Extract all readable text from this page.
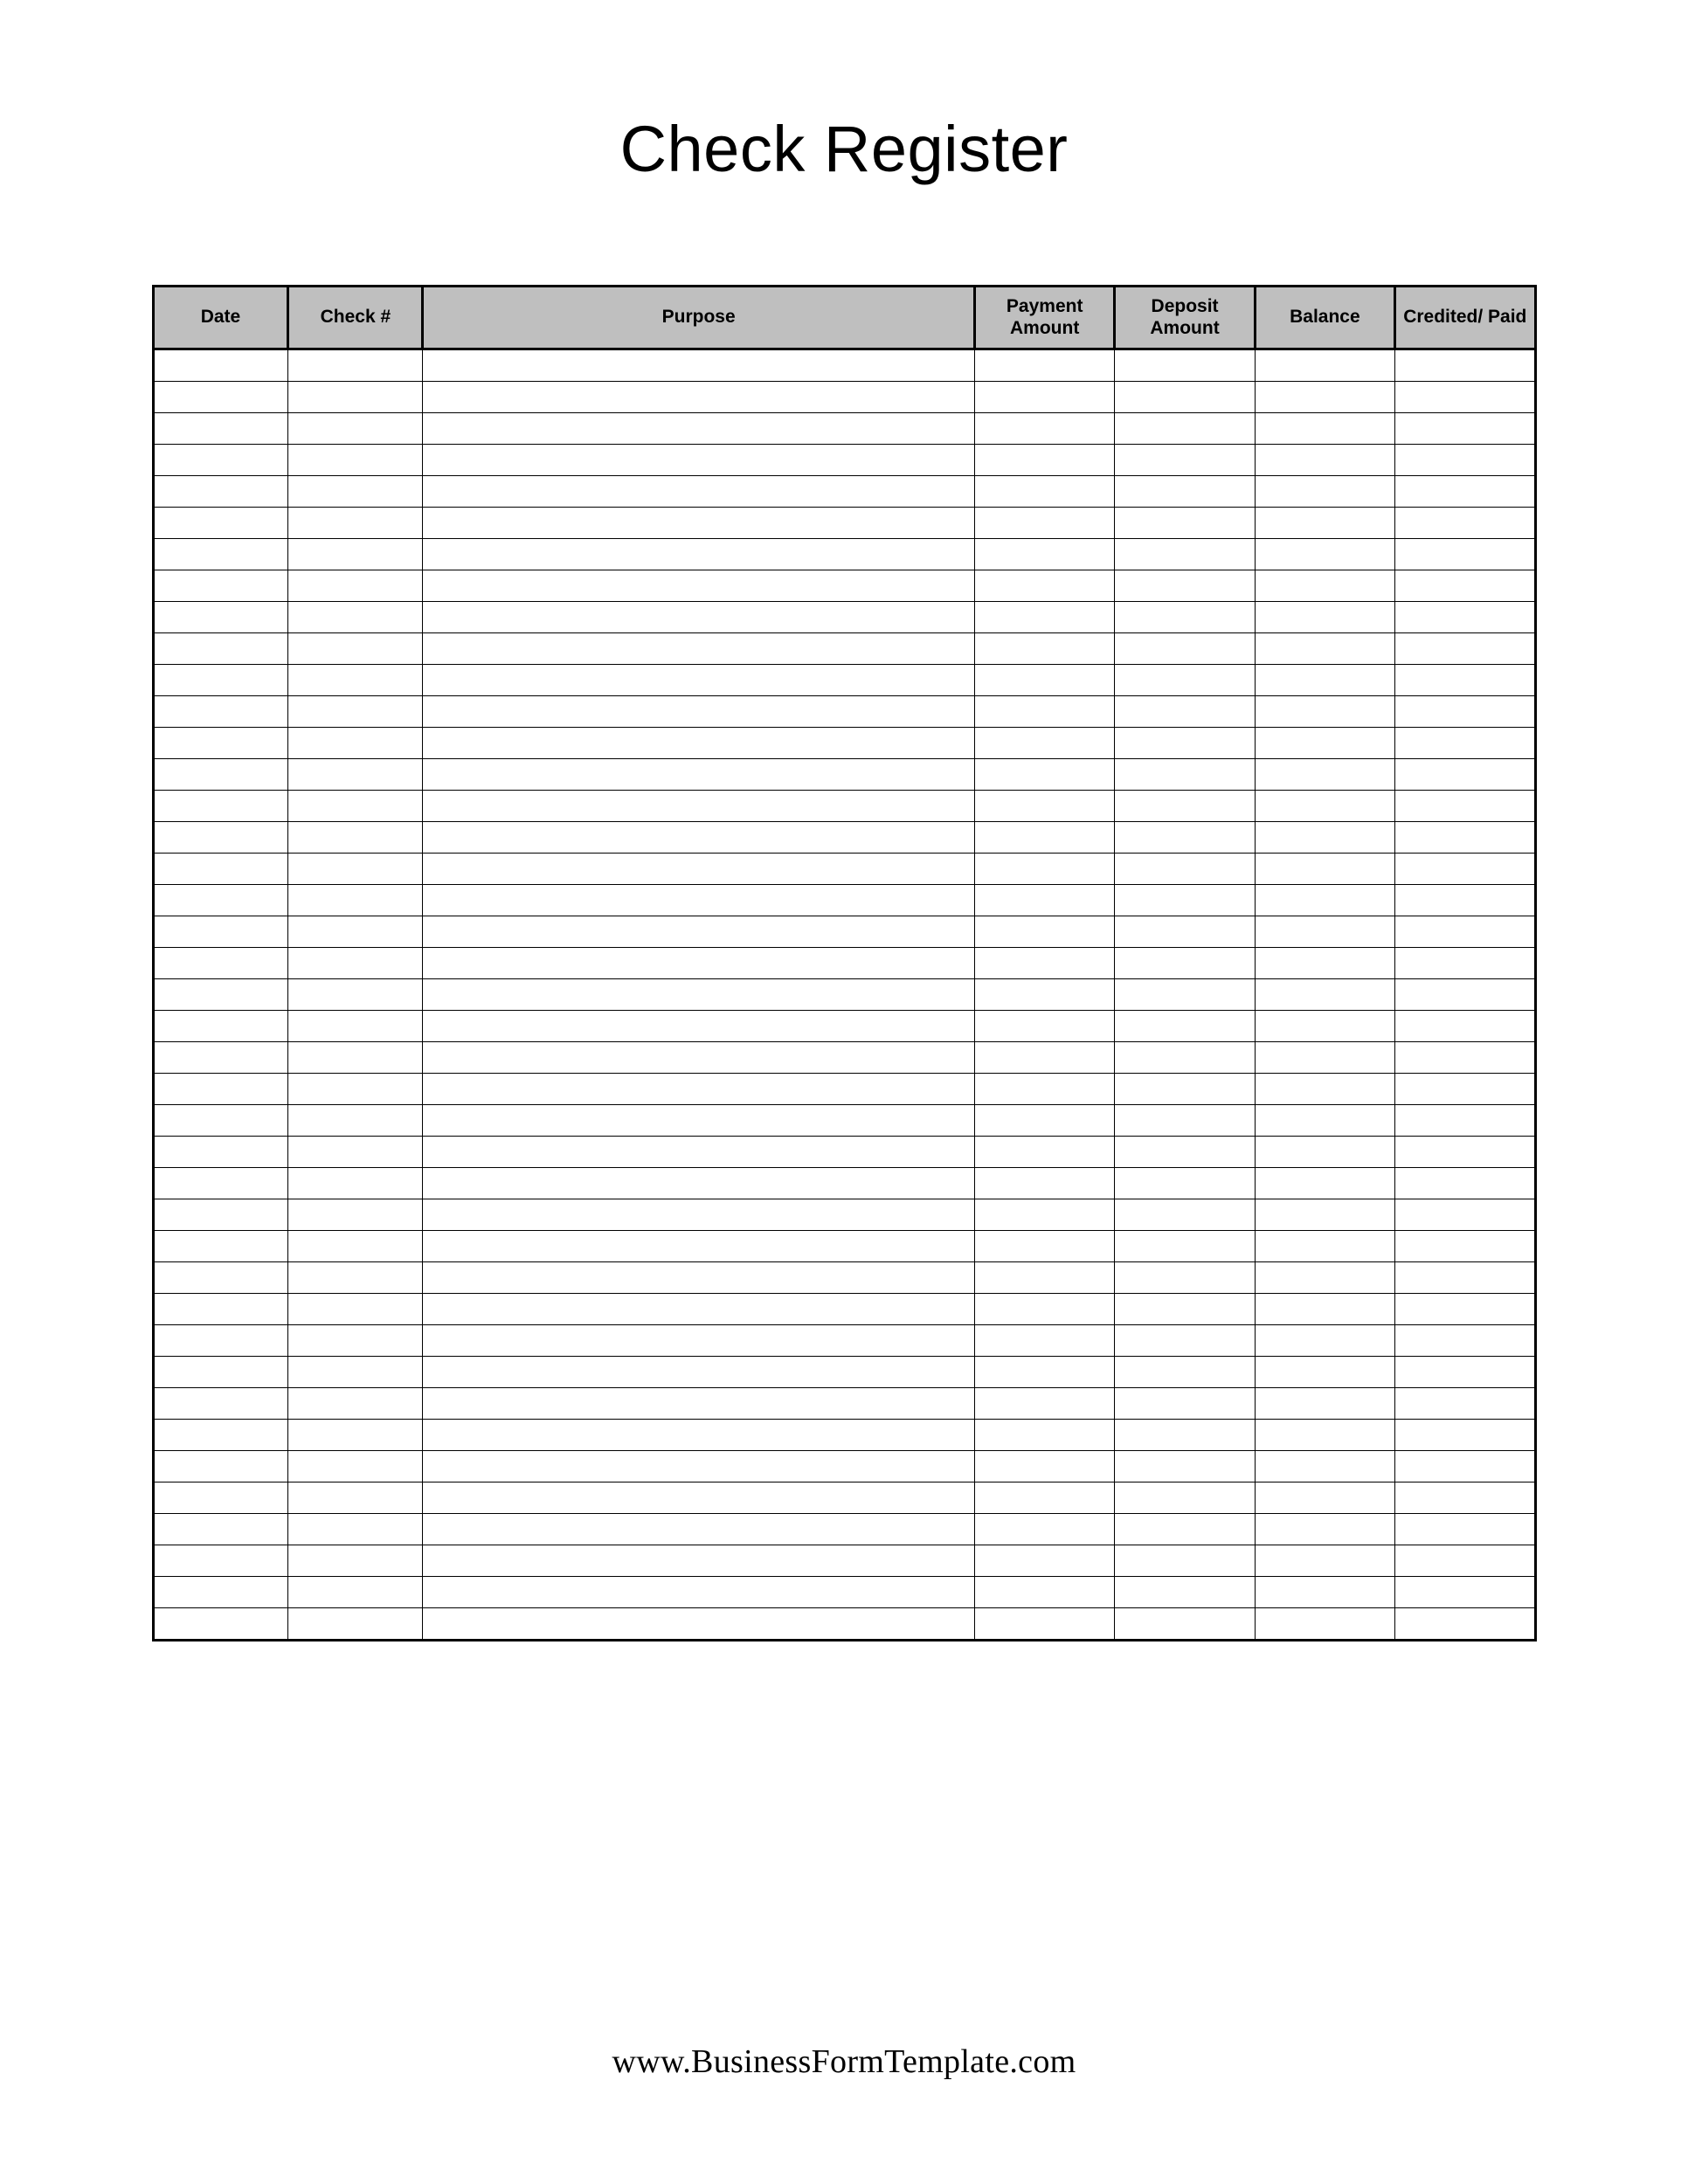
Check Register
Date	Check #	Purpose	Payment Amount	Deposit Amount	Balance	Credited/ Paid

www.BusinessFormTemplate.com
